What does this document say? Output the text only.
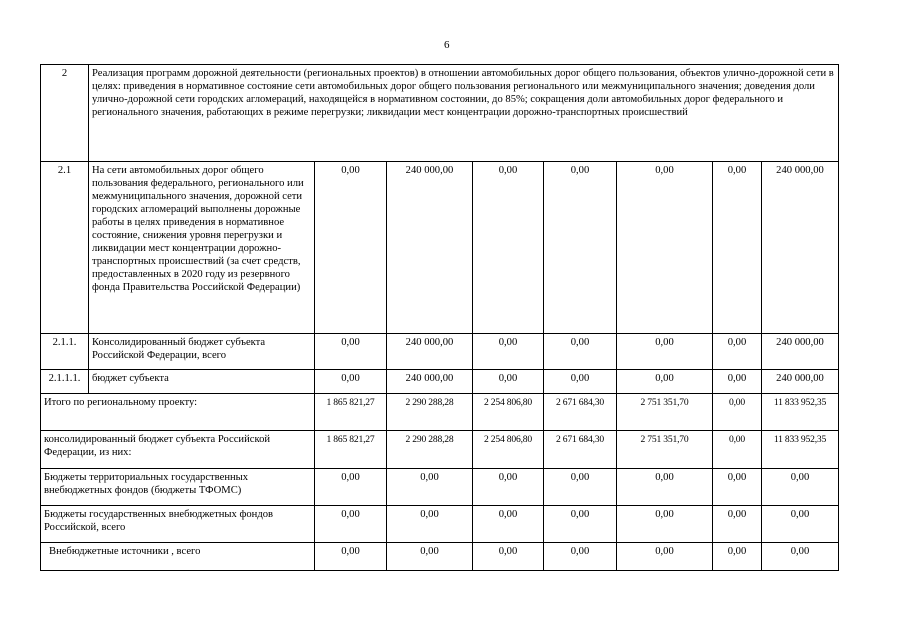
6
2	Реализация программ дорожной деятельности (региональных проектов) в отношении автомобильных дорог общего пользования, объектов улично-дорожной сети в целях: приведения в нормативное состояние сети автомобильных дорог общего пользования регионального или межмуниципального значения; доведения доли улично-дорожной сети городских агломераций, находящейся в нормативном состоянии, до 85%; сокращения доли автомобильных дорог федерального и регионального значения, работающих в режиме перегрузки; ликвидации мест концентрации дорожно-транспортных происшествий							
2.1	На сети автомобильных дорог общего пользования федерального, регионального или межмуниципального значения, дорожной сети городских агломераций выполнены дорожные работы в целях приведения в нормативное состояние, снижения уровня перегрузки и ликвидации мест концентрации дорожно-транспортных происшествий (за счет средств, предоставленных в 2020 году из резервного фонда Правительства Российской Федерации)	0,00	240 000,00	0,00	0,00	0,00	0,00	240 000,00
2.1.1.	Консолидированный бюджет субъекта Российской Федерации, всего	0,00	240 000,00	0,00	0,00	0,00	0,00	240 000,00
2.1.1.1.	бюджет субъекта	0,00	240 000,00	0,00	0,00	0,00	0,00	240 000,00
Итого по региональному проекту:		1 865 821,27	2 290 288,28	2 254 806,80	2 671 684,30	2 751 351,70	0,00	11 833 952,35
консолидированный бюджет субъекта Российской Федерации, из них:		1 865 821,27	2 290 288,28	2 254 806,80	2 671 684,30	2 751 351,70	0,00	11 833 952,35
Бюджеты территориальных государственных внебюджетных фондов (бюджеты ТФОМС)		0,00	0,00	0,00	0,00	0,00	0,00	0,00
Бюджеты государственных внебюджетных фондов Российской, всего		0,00	0,00	0,00	0,00	0,00	0,00	0,00
Внебюджетные источники , всего		0,00	0,00	0,00	0,00	0,00	0,00	0,00
